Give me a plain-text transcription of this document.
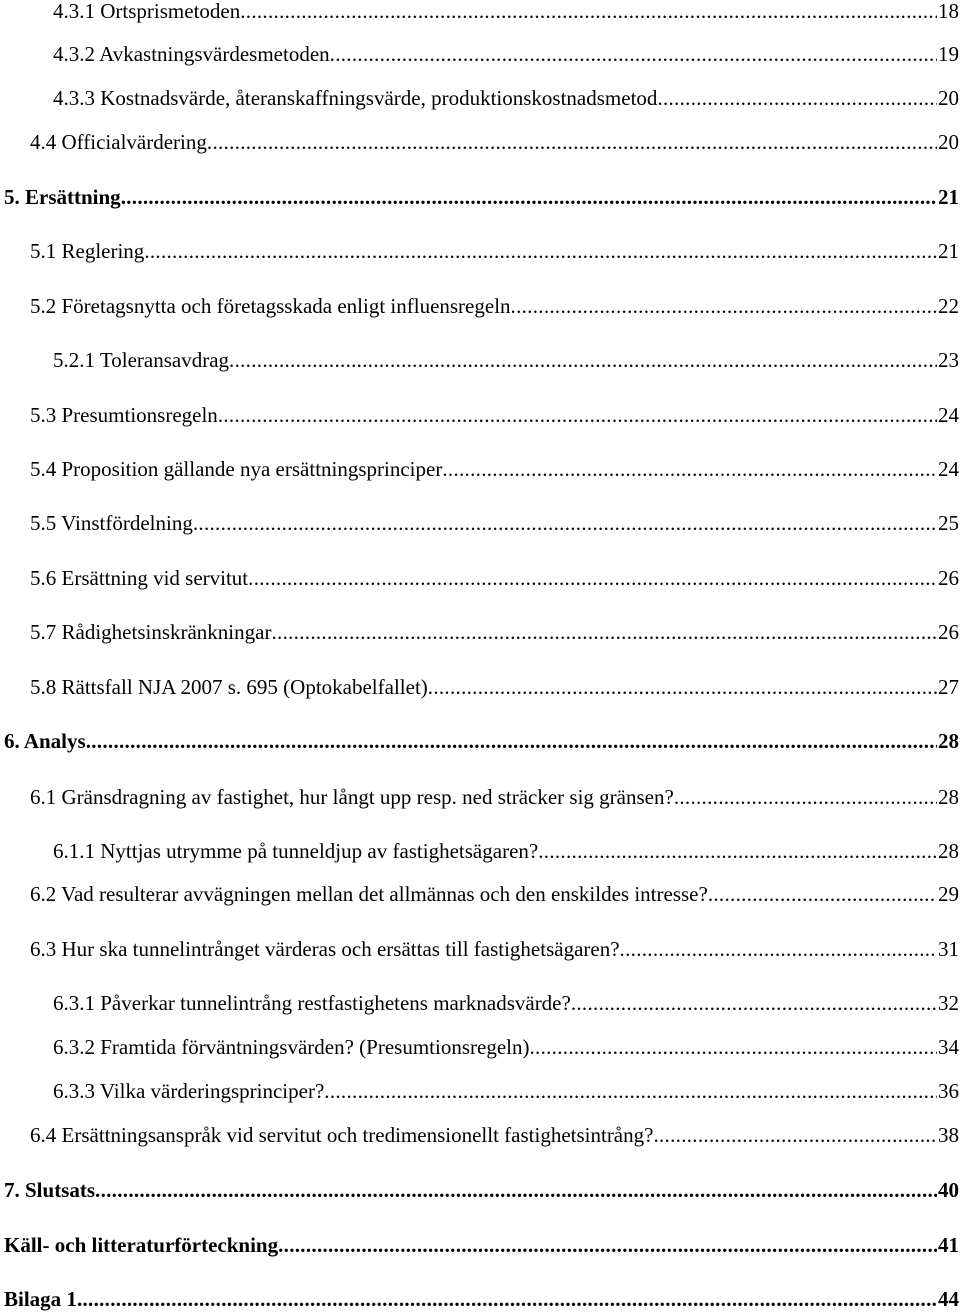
4.3.1 Ortsprismetoden .....	18
4.3.2 Avkastningsvärdesmetoden .....	19
4.3.3 Kostnadsvärde, återanskaffningsvärde, produktionskostnadsmetod .....	20
4.4 Officialvärdering .....	20
5. Ersättning .....	21
5.1 Reglering .....	21
5.2 Företagsnytta och företagsskada enligt influensregeln .....	22
5.2.1 Toleransavdrag .....	23
5.3 Presumtionsregeln .....	24
5.4 Proposition gällande nya ersättningsprinciper .....	24
5.5 Vinstfördelning .....	25
5.6 Ersättning vid servitut .....	26
5.7 Rådighetsinskränkningar .....	26
5.8 Rättsfall NJA 2007 s. 695 (Optokabelfallet) .....	27
6. Analys .....	28
6.1 Gränsdragning av fastighet, hur långt upp resp. ned sträcker sig gränsen? .....	28
6.1.1 Nyttjas utrymme på tunneldjup av fastighetsägaren? .....	28
6.2 Vad resulterar avvägningen mellan det allmännas och den enskildes intresse? .....	29
6.3 Hur ska tunnelintrånget värderas och ersättas till fastighetsägaren? .....	31
6.3.1 Påverkar tunnelintrång restfastighetens marknadsvärde? .....	32
6.3.2 Framtida förväntningsvärden? (Presumtionsregeln) .....	34
6.3.3 Vilka värderingsprinciper? .....	36
6.4 Ersättningsanspråk vid servitut och tredimensionellt fastighetsintrång? .....	38
7. Slutsats .....	40
Käll- och litteraturförteckning .....	41
Bilaga 1 .....	44
